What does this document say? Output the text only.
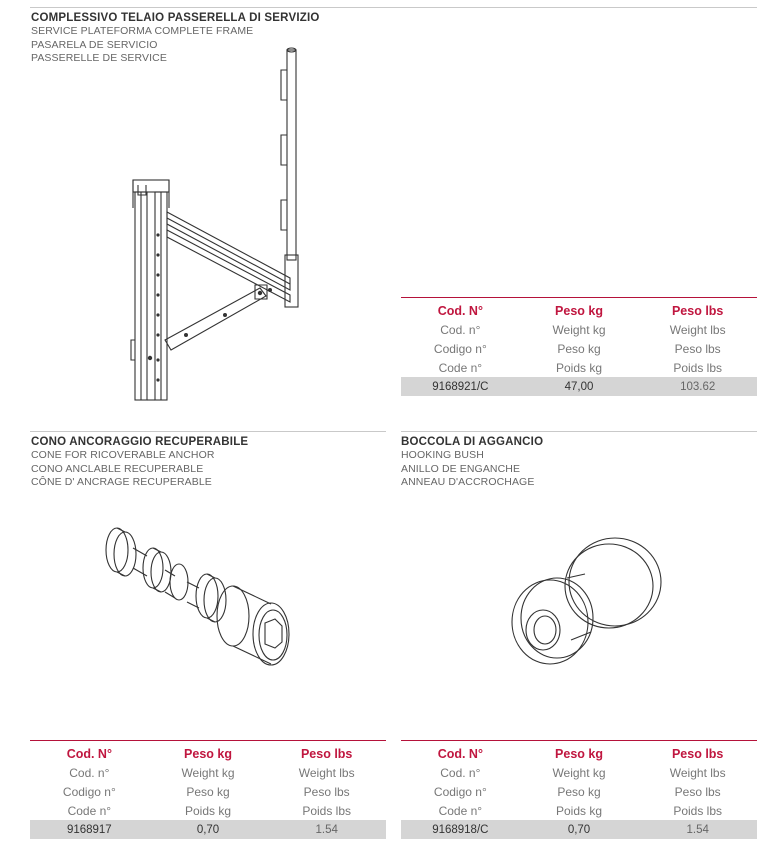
COMPLESSIVO TELAIO PASSERELLA DI SERVIZIO
SERVICE PLATEFORMA COMPLETE FRAME
PASARELA DE SERVICIO
PASSERELLE DE SERVICE
Cod. N°	Peso kg	Peso lbs
Cod. n°	Weight kg	Weight lbs
Codigo n°	Peso kg	Peso lbs
Code n°	Poids kg	Poids lbs
9168921/C	47,00	103.62
CONO ANCORAGGIO RECUPERABILE
CONE FOR RICOVERABLE ANCHOR
CONO ANCLABLE RECUPERABLE
CÔNE D' ANCRAGE RECUPERABLE
BOCCOLA DI AGGANCIO
HOOKING BUSH
ANILLO DE ENGANCHE
ANNEAU D'ACCROCHAGE
Cod. N°	Peso kg	Peso lbs
Cod. n°	Weight kg	Weight lbs
Codigo n°	Peso kg	Peso lbs
Code n°	Poids kg	Poids lbs
9168917	0,70	1.54
Cod. N°	Peso kg	Peso lbs
Cod. n°	Weight kg	Weight lbs
Codigo n°	Peso kg	Peso lbs
Code n°	Poids kg	Poids lbs
9168918/C	0,70	1.54
